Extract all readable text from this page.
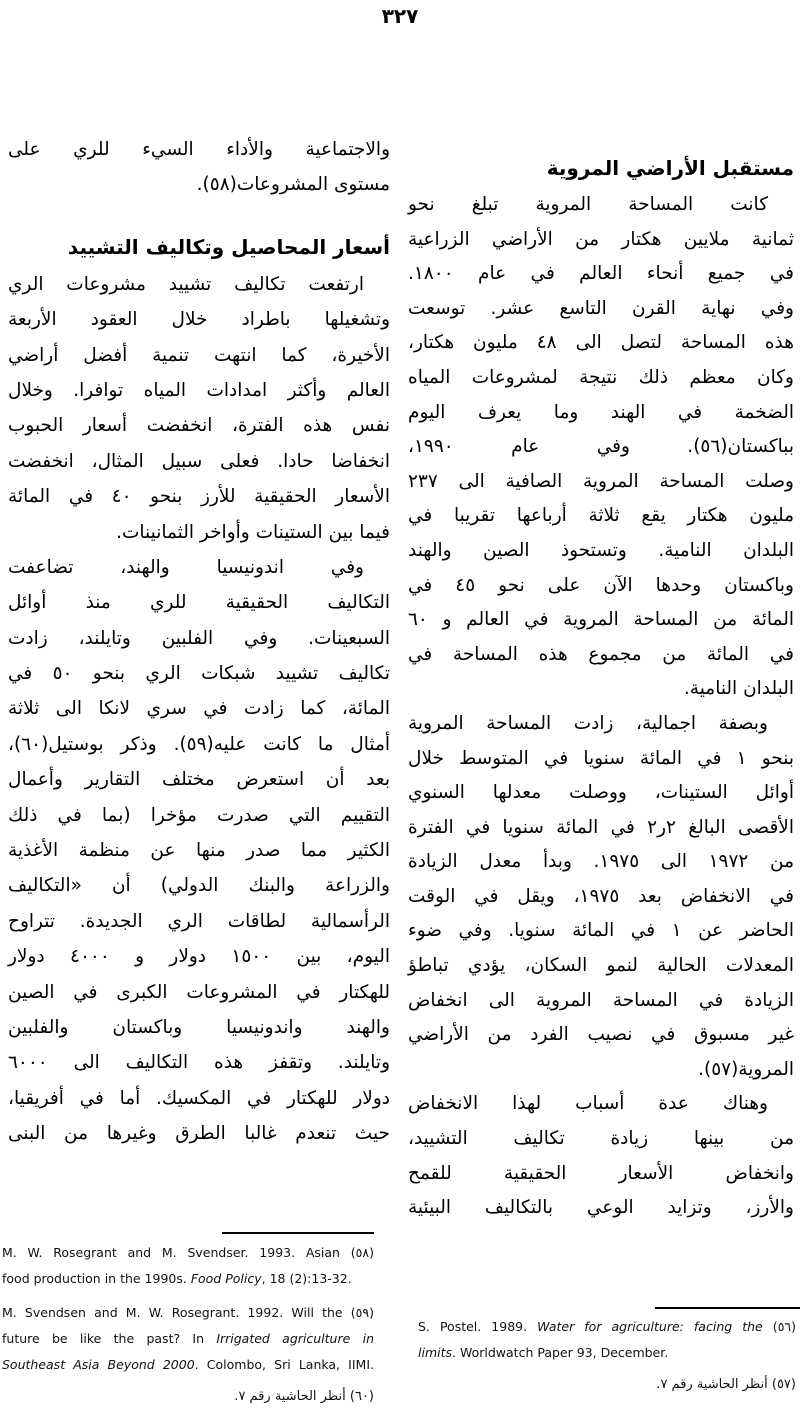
٣٢٧
مستقبل الأراضي المروية
كانت المساحة المروية تبلغ نحو
ثمانية ملايين هكتار من الأراضي الزراعية
في جميع أنحاء العالم في عام ١٨٠٠.
وفي نهاية القرن التاسع عشر. توسعت
هذه المساحة لتصل الى ٤٨ مليون هكتار،
وكان معظم ذلك نتيجة لمشروعات المياه
الضخمة في الهند وما يعرف اليوم
بباكستان(٥٦). وفي عام ١٩٩٠،
وصلت المساحة المروية الصافية الى ٢٣٧
مليون هكتار يقع ثلاثة أرباعها تقريبا في
البلدان النامية. وتستحوذ الصين والهند
وباكستان وحدها الآن على نحو ٤٥ في
المائة من المساحة المروية في العالم و ٦٠
في المائة من مجموع هذه المساحة في
البلدان النامية.
وبصفة اجمالية، زادت المساحة المروية
بنحو ١ في المائة سنويا في المتوسط خلال
أوائل الستينات، ووصلت معدلها السنوي
الأقصى البالغ ٢ر٢ في المائة سنويا في الفترة
من ١٩٧٢ الى ١٩٧٥. وبدأ معدل الزيادة
في الانخفاض بعد ١٩٧٥، ويقل في الوقت
الحاضر عن ١ في المائة سنويا. وفي ضوء
المعدلات الحالية لنمو السكان، يؤدي تباطؤ
الزيادة في المساحة المروية الى انخفاض
غير مسبوق في نصيب الفرد من الأراضي
المروية(٥٧).
وهناك عدة أسباب لهذا الانخفاض
من بينها زيادة تكاليف التشييد،
وانخفاض الأسعار الحقيقية للقمح
والأرز، وتزايد الوعي بالتكاليف البيئية
والاجتماعية والأداء السيء للري على
مستوى المشروعات(٥٨).
أسعار المحاصيل وتكاليف التشييد
ارتفعت تكاليف تشييد مشروعات الري
وتشغيلها باطراد خلال العقود الأربعة
الأخيرة، كما انتهت تنمية أفضل أراضي
العالم وأكثر امدادات المياه توافرا. وخلال
نفس هذه الفترة، انخفضت أسعار الحبوب
انخفاضا حادا. فعلى سبيل المثال، انخفضت
الأسعار الحقيقية للأرز بنحو ٤٠ في المائة
فيما بين الستينات وأواخر الثمانينات.
وفي اندونيسيا والهند، تضاعفت
التكاليف الحقيقية للري منذ أوائل
السبعينات. وفي الفلبين وتايلند، زادت
تكاليف تشييد شبكات الري بنحو ٥٠ في
المائة، كما زادت في سري لانكا الى ثلاثة
أمثال ما كانت عليه(٥٩). وذكر بوستيل(٦٠)،
بعد أن استعرض مختلف التقارير وأعمال
التقييم التي صدرت مؤخرا (بما في ذلك
الكثير مما صدر منها عن منظمة الأغذية
والزراعة والبنك الدولي) أن «التكاليف
الرأسمالية لطاقات الري الجديدة. تتراوح
اليوم، بين ١٥٠٠ دولار و ٤٠٠٠ دولار
للهكتار في المشروعات الكبرى في الصين
والهند واندونيسيا وباكستان والفلبين
وتايلند. وتقفز هذه التكاليف الى ٦٠٠٠
دولار للهكتار في المكسيك. أما في أفريقيا،
حيث تنعدم غالبا الطرق وغيرها من البنى
M. W. Rosegrant and M. Svendser. 1993. Asian (٥٨)
food production in the 1990s. Food Policy, 18 (2):13-32.
M. Svendsen and M. W. Rosegrant. 1992. Will the (٥٩)
future be like the past? In Irrigated agriculture in
Southeast Asia Beyond 2000. Colombo, Sri Lanka, IIMI.
(٦٠) أنظر الحاشية رقم ٧.
S. Postel. 1989. Water for agriculture: facing the (٥٦)
limits. Worldwatch Paper 93, December.
(٥٧) أنظر الحاشية رقم ٧.
